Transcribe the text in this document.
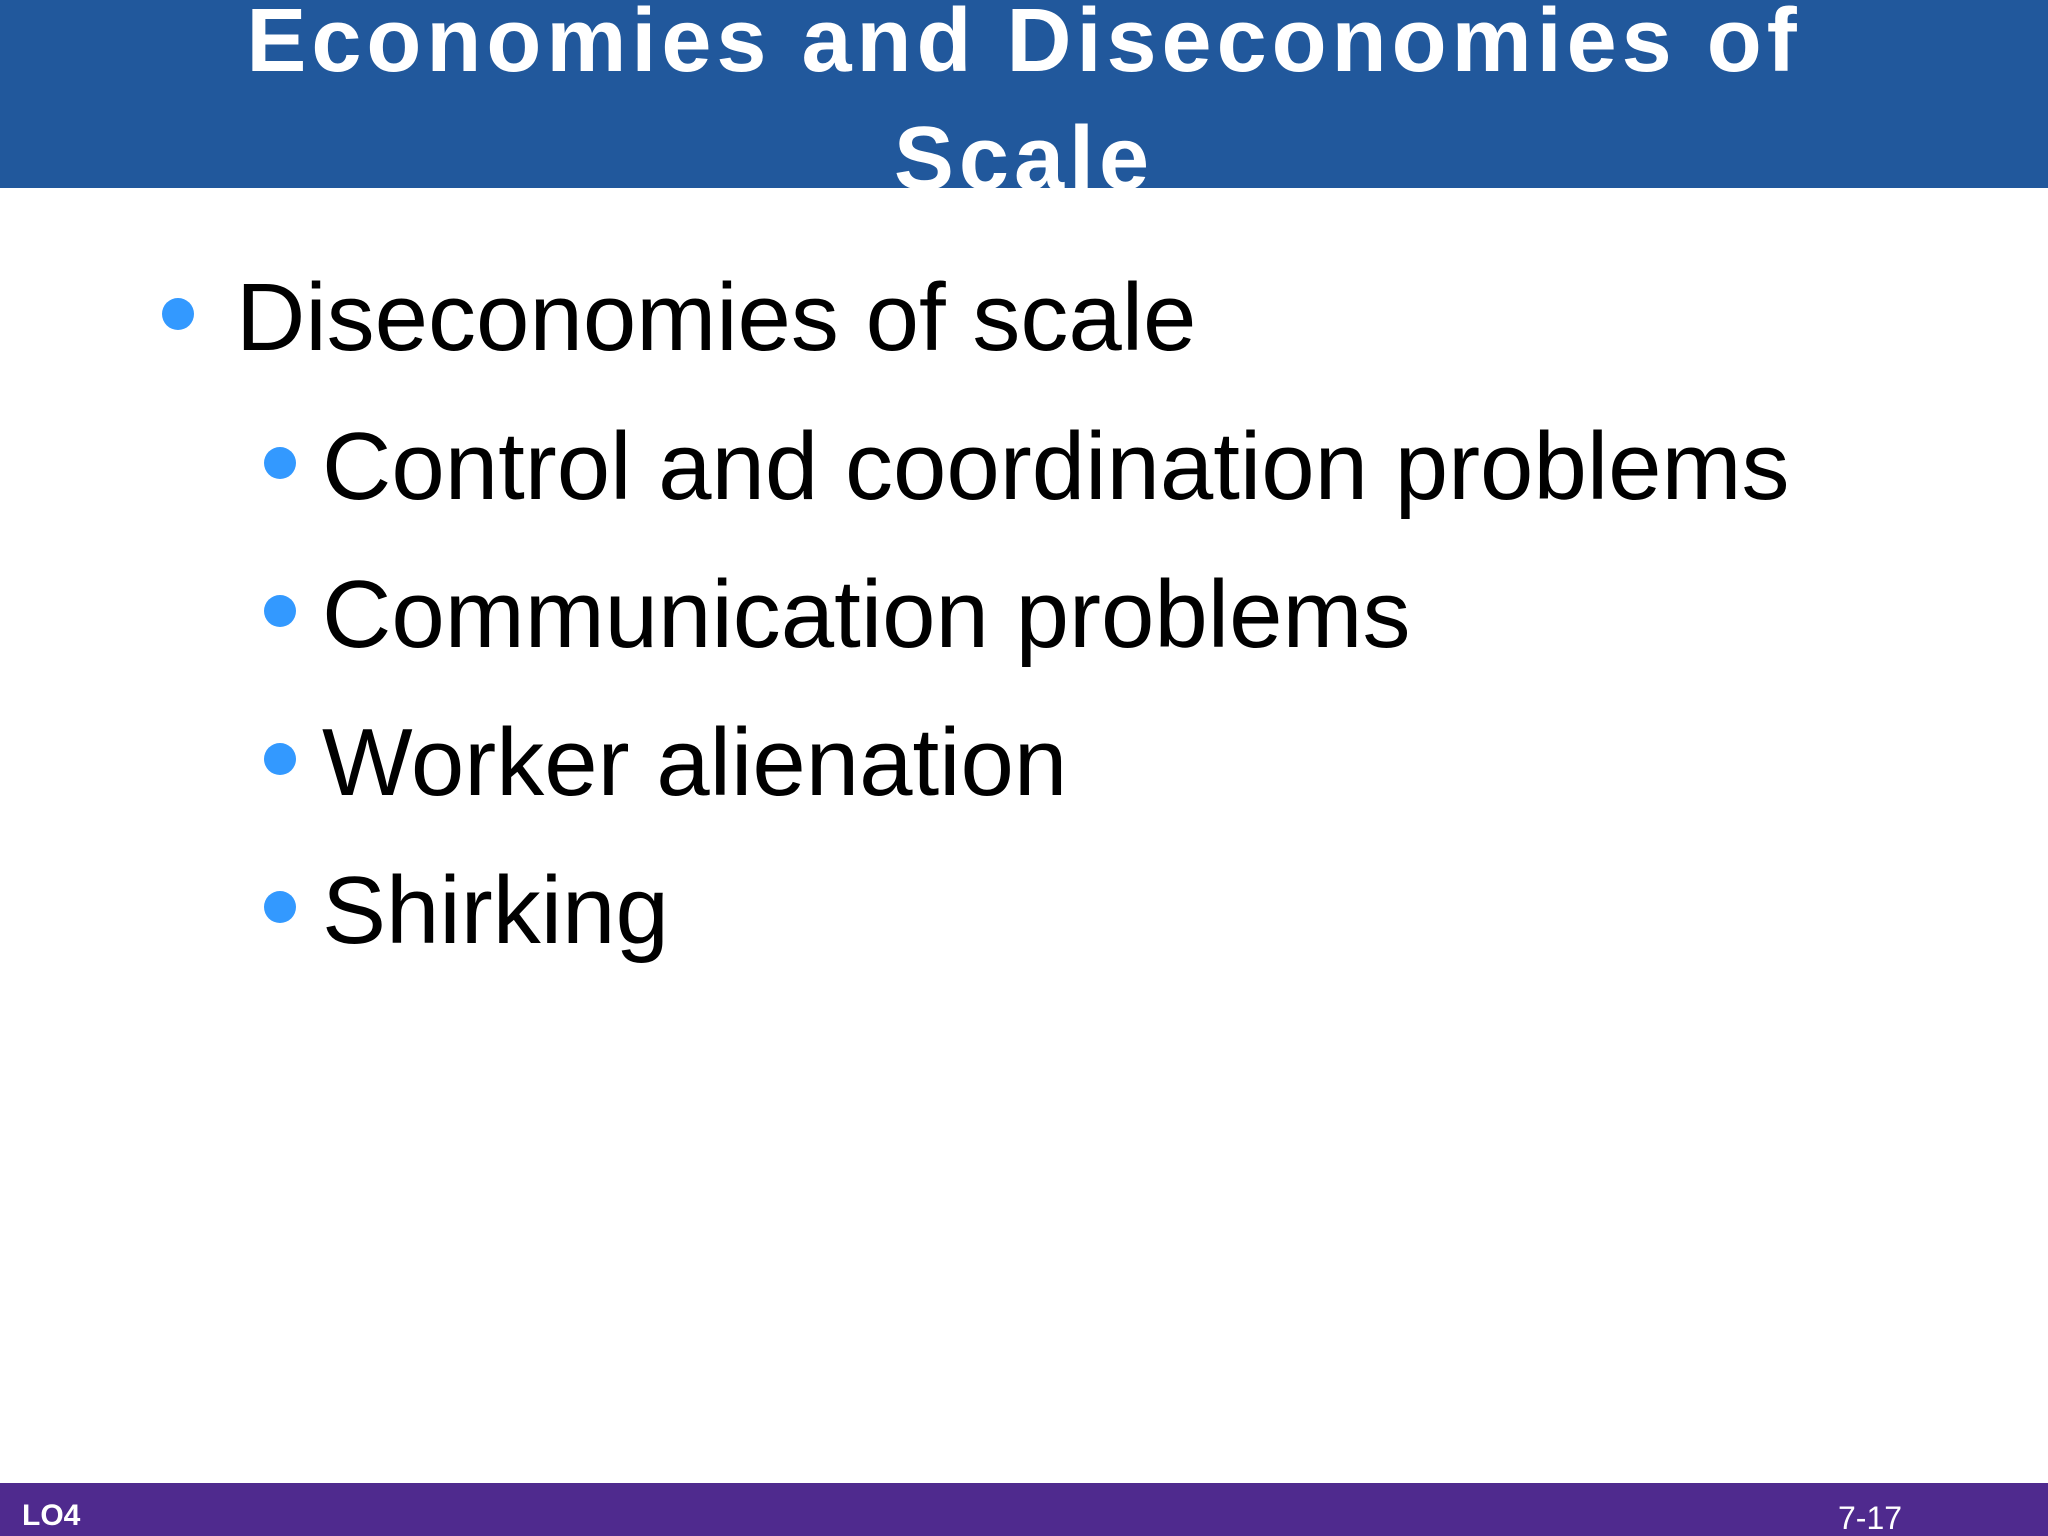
Economies and Diseconomies of
Scale
Diseconomies of scale
Control and coordination problems
Communication problems
Worker alienation
Shirking
LO4	7-17
